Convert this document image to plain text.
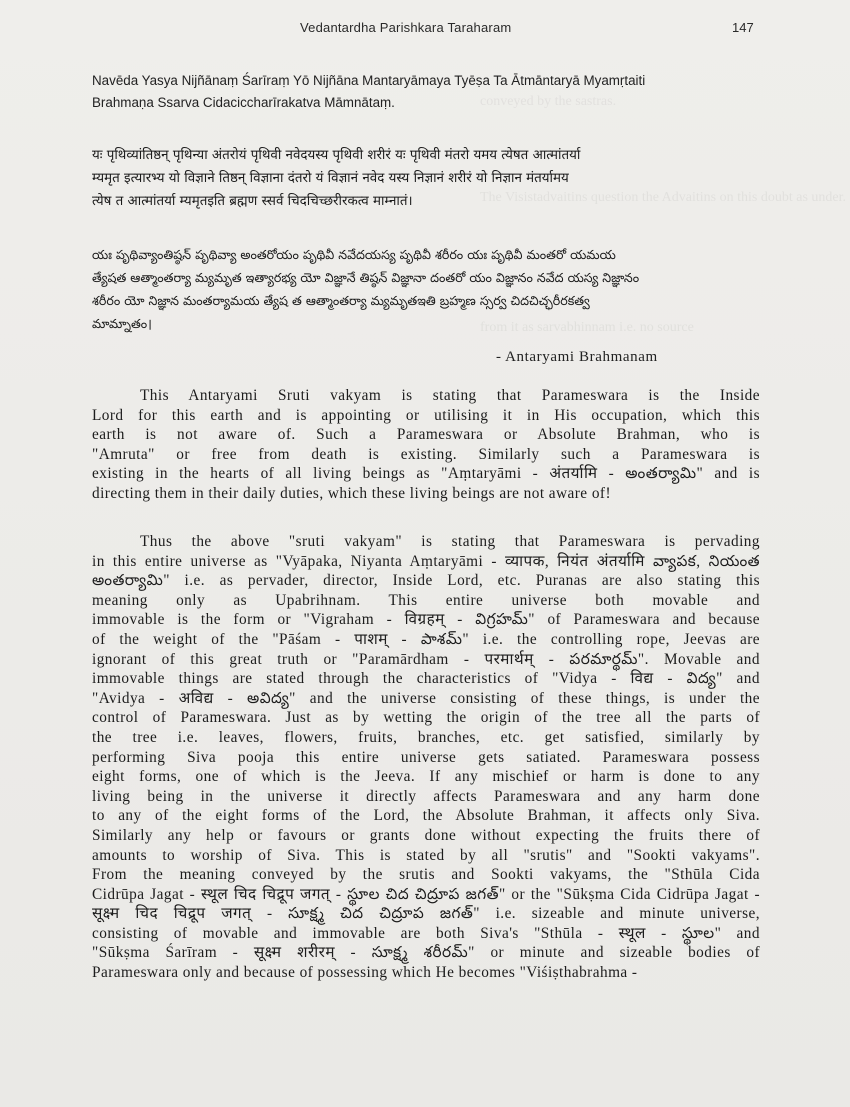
conveyed by the sastras.
The Visistadvaitins question the Advaitins on this doubt as under.
from it as sarvabhinnam i.e. no source
Vedantardha Parishkara Taraharam	147

Navēda Yasya Nijñānaṃ Śarīraṃ Yō Nijñāna Mantaryāmaya Tyēṣa Ta Ātmāntaryā Myamṛtaiti

Brahmaṇa Ssarva Cidaciccharīrakatva Māmnātaṃ.

यः पृथिव्यांतिष्ठन् पृथिन्या अंतरोयं पृथिवी नवेदयस्य पृथिवी शरीरं यः पृथिवी मंतरो यमय त्येषत आत्मांतर्या

म्यमृत इत्यारभ्य यो विज्ञाने तिष्ठन् विज्ञाना दंतरो यं विज्ञानं नवेद यस्य निज्ञानं शरीरं यो निज्ञान मंतर्यामय

त्येष त आत्मांतर्या म्यमृतइति ब्रह्मण स्सर्व चिदचिच्छरीरकत्व माम्नातं।

యః పృథివ్యాంతిష్ఠన్ పృథివ్యా అంతరోయం పృథివీ నవేదయస్య పృథివీ శరీరం యః పృథివీ మంతరో యమయ

త్యేషత ఆత్మాంతర్యా మ్యమృత ఇత్యారభ్య యో విజ్ఞానే తిష్ఠన్ విజ్ఞానా దంతరో యం విజ్ఞానం నవేద యస్య నిజ్ఞానం

శరీరం యో నిజ్ఞాన మంతర్యామయ త్యేష త ఆత్మాంతర్యా మ్యమృతఇతి బ్రహ్మణ స్సర్వ చిదచిచ్ఛరీరకత్వ

మామ్నాతం।

- Antaryami Brahmanam

This Antaryami Sruti vakyam is stating that Parameswara is the Inside

Lord for this earth and is appointing or utilising it in His occupation, which this

earth is not aware of. Such a Parameswara or Absolute Brahman, who is

"Amruta" or free from death is existing. Similarly such a Parameswara is

existing in the hearts of all living beings as "Aṃtaryāmi - अंतर्यामि - అంతర్యామి" and is

directing them in their daily duties, which these living beings are not aware of!

Thus the above "sruti vakyam" is stating that Parameswara is pervading

in this entire universe as "Vyāpaka, Niyanta Aṃtaryāmi - व्यापक, नियंत अंतर्यामि వ్యాపక, నియంత

అంతర్యామి" i.e. as pervader, director, Inside Lord, etc. Puranas are also stating this

meaning only as Upabrihnam. This entire universe both movable and

immovable is the form or "Vigraham - विग्रहम् - విగ్రహమ్" of Parameswara and because

of the weight of the "Pāśam - पाशम् - పాశమ్" i.e. the controlling rope, Jeevas are

ignorant of this great truth or "Paramārdham - परमार्थम् - పరమార్థమ్". Movable and

immovable things are stated through the characteristics of "Vidya - विद्य - విద్య" and

"Avidya - अविद्य - అవిద్య" and the universe consisting of these things, is under the

control of Parameswara. Just as by wetting the origin of the tree all the parts of

the tree i.e. leaves, flowers, fruits, branches, etc. get satisfied, similarly by

performing Siva pooja this entire universe gets satiated. Parameswara possess

eight forms, one of which is the Jeeva. If any mischief or harm is done to any

living being in the universe it directly affects Parameswara and any harm done

to any of the eight forms of the Lord, the Absolute Brahman, it affects only Siva.

Similarly any help or favours or grants done without expecting the fruits there of

amounts to worship of Siva. This is stated by all "srutis" and "Sookti vakyams".

From the meaning conveyed by the srutis and Sookti vakyams, the "Sthūla Cida

Cidrūpa Jagat - स्थूल चिद चिद्रूप जगत् - స్థూల చిద చిద్రూప జగత్" or the "Sūkṣma Cida Cidrūpa Jagat -

सूक्ष्म चिद चिद्रूप जगत् - సూక్ష్మ చిద చిద్రూప జగత్" i.e. sizeable and minute universe,

consisting of movable and immovable are both Siva's "Sthūla - स्थूल - స్థూల" and

"Sūkṣma Śarīram - सूक्ष्म शरीरम् - సూక్ష్మ శరీరమ్" or minute and sizeable bodies of

Parameswara only and because of possessing which He becomes "Viśiṣthabrahma -
